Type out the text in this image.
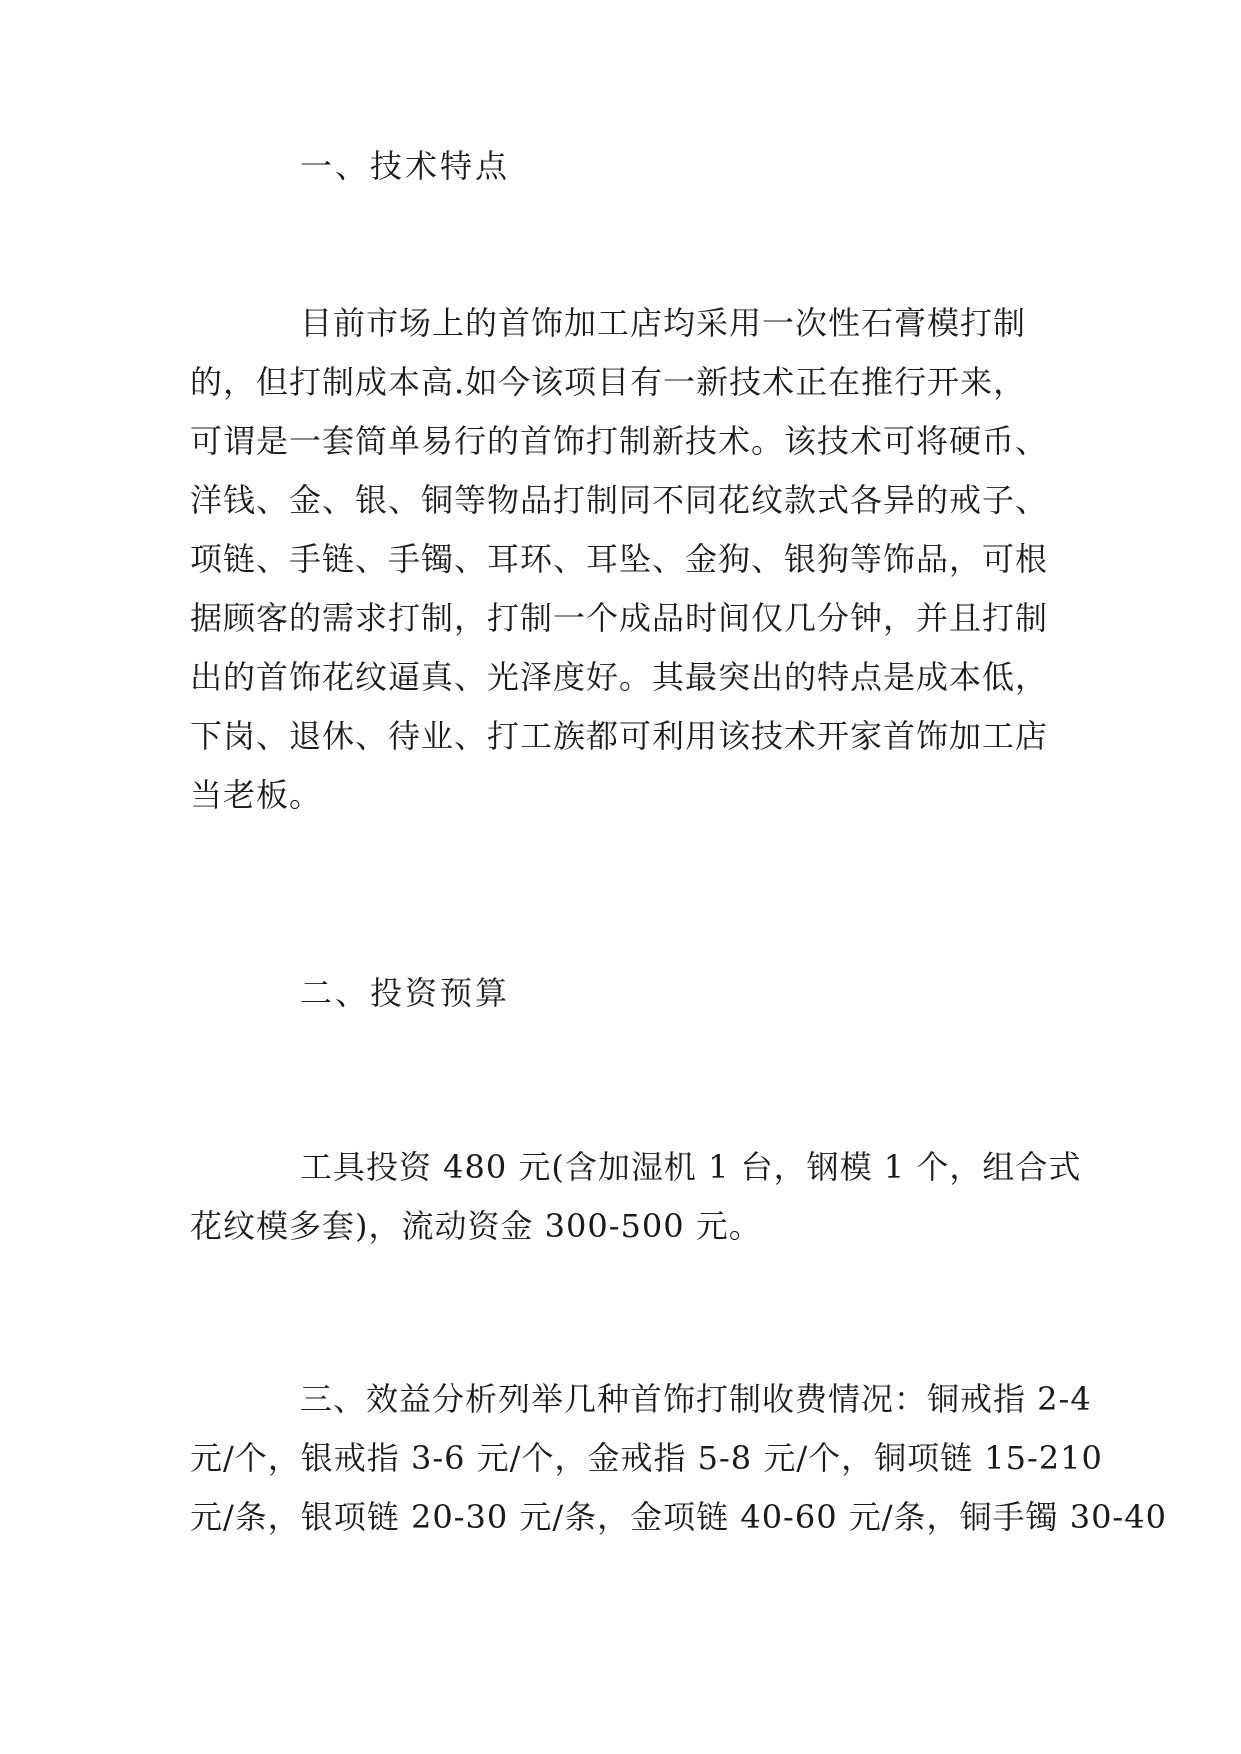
一、技术特点
目前市场上的首饰加工店均采用一次性石膏模打制
的，但打制成本高.如今该项目有一新技术正在推行开来，
可谓是一套简单易行的首饰打制新技术。该技术可将硬币、
洋钱、金、银、铜等物品打制同不同花纹款式各异的戒子、
项链、手链、手镯、耳环、耳坠、金狗、银狗等饰品，可根
据顾客的需求打制，打制一个成品时间仅几分钟，并且打制
出的首饰花纹逼真、光泽度好。其最突出的特点是成本低，
下岗、退休、待业、打工族都可利用该技术开家首饰加工店
当老板。
二、投资预算
工具投资 480 元(含加湿机 1 台，钢模 1 个，组合式
花纹模多套)，流动资金 300-500 元。
三、效益分析列举几种首饰打制收费情况：铜戒指 2-4
元/个，银戒指 3-6 元/个，金戒指 5-8 元/个，铜项链 15-210
元/条，银项链 20-30 元/条，金项链 40-60 元/条，铜手镯 30-40
